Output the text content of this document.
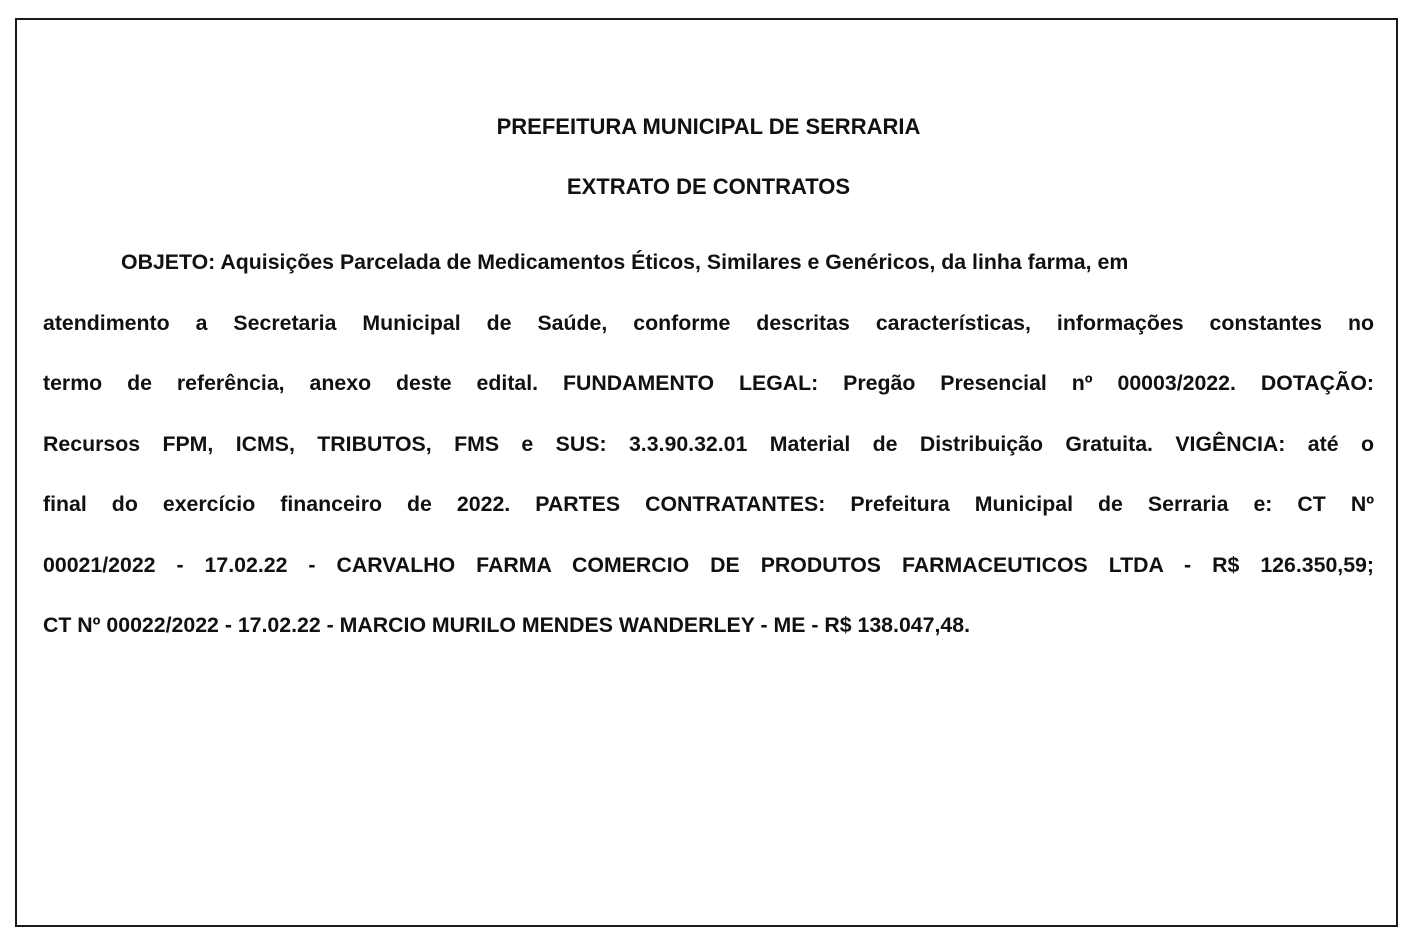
PREFEITURA MUNICIPAL DE SERRARIA

EXTRATO DE CONTRATOS

OBJETO: Aquisições Parcelada de Medicamentos Éticos, Similares e Genéricos, da linha farma, em
atendimento a Secretaria Municipal de Saúde, conforme descritas características, informações constantes no
termo de referência, anexo deste edital. FUNDAMENTO LEGAL: Pregão Presencial nº 00003/2022. DOTAÇÃO:
Recursos FPM, ICMS, TRIBUTOS, FMS e SUS: 3.3.90.32.01 Material de Distribuição Gratuita. VIGÊNCIA: até o
final do exercício financeiro de 2022. PARTES CONTRATANTES: Prefeitura Municipal de Serraria e: CT Nº
00021/2022 - 17.02.22 - CARVALHO FARMA COMERCIO DE PRODUTOS FARMACEUTICOS LTDA - R$ 126.350,59;
CT Nº 00022/2022 - 17.02.22 - MARCIO MURILO MENDES WANDERLEY - ME - R$ 138.047,48.
